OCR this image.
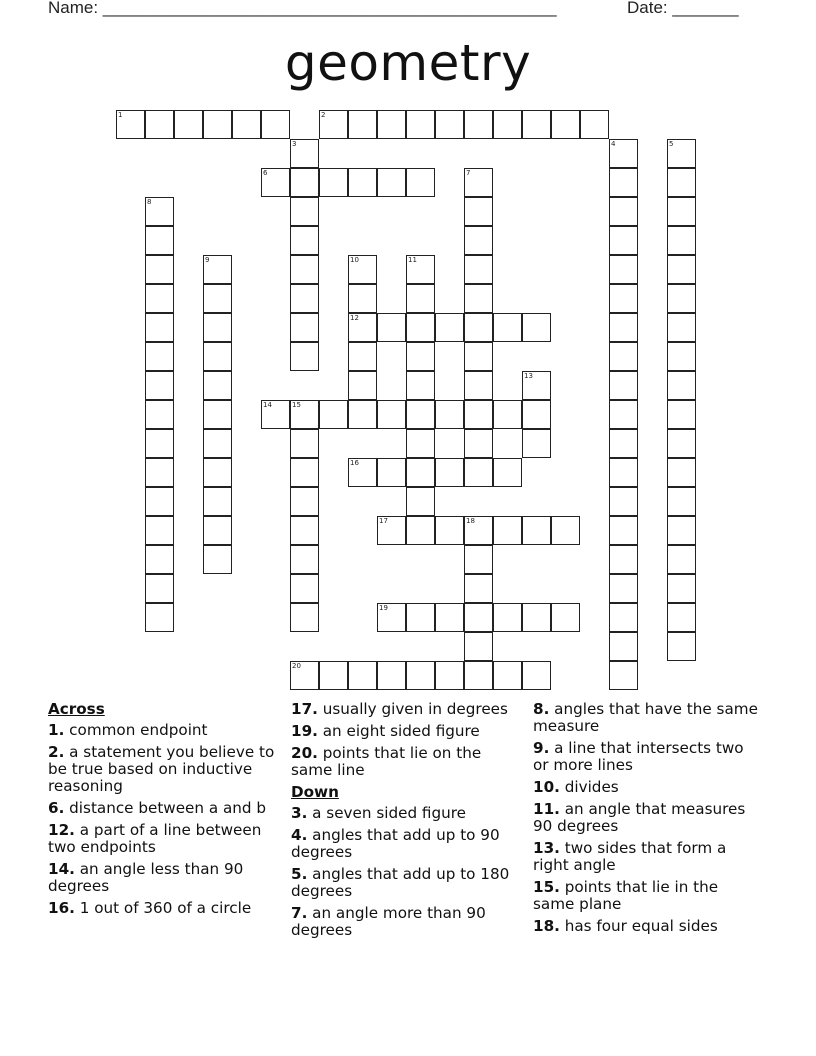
Name: ________________________________________________	Date: _______
geometry
1	2
3	4	5
6	7
8
9	10	11
12
13
14	15
16
17	18
19
20
Across
1. common endpoint
2. a statement you believe to be true based on inductive reasoning
6. distance between a and b
12. a part of a line between two endpoints
14. an angle less than 90 degrees
16. 1 out of 360 of a circle
17. usually given in degrees
19. an eight sided figure
20. points that lie on the same line
Down
3. a seven sided figure
4. angles that add up to 90 degrees
5. angles that add up to 180 degrees
7. an angle more than 90 degrees
8. angles that have the same measure
9. a line that intersects two or more lines
10. divides
11. an angle that measures 90 degrees
13. two sides that form a right angle
15. points that lie in the same plane
18. has four equal sides
